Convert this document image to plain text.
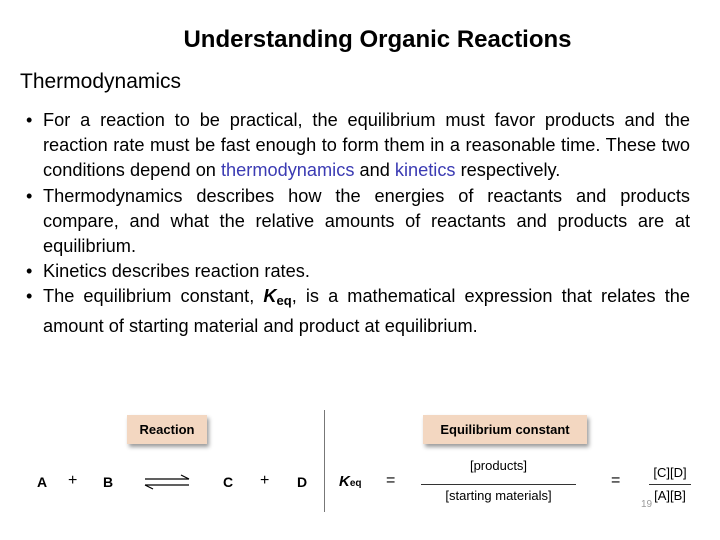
Understanding Organic Reactions
Thermodynamics
• For a reaction to be practical, the equilibrium must favor products and the reaction rate must be fast enough to form them in a reasonable time. These two conditions depend on thermodynamics and kinetics respectively.
• Thermodynamics describes how the energies of reactants and products compare, and what the relative amounts of reactants and products are at equilibrium.
• Kinetics describes reaction rates.
• The equilibrium constant, Keq, is a mathematical expression that relates the amount of starting material and product at equilibrium.
Reaction	Equilibrium constant
A + B	C + D Keq =
[products]
[starting materials]
=	[C][D]
[A][B]
19
